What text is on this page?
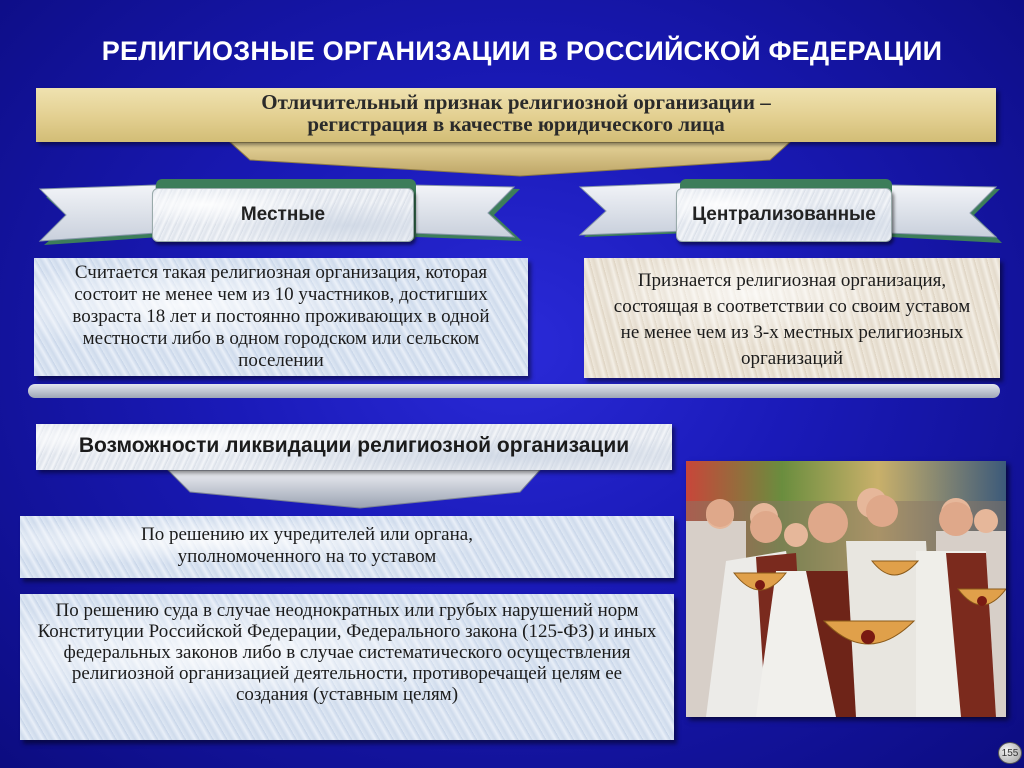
РЕЛИГИОЗНЫЕ ОРГАНИЗАЦИИ В РОССИЙСКОЙ ФЕДЕРАЦИИ
Отличительный признак религиозной организации –
регистрация в качестве юридического лица
Местные	Централизованные
Считается такая религиозная организация, которая состоит не менее чем из 10 участников, достигших возраста 18 лет и постоянно проживающих в одной местности либо в одном городском или сельском поселении
Признается религиозная организация, состоящая в соответствии со своим уставом не менее чем из 3-х местных религиозных организаций
Возможности ликвидации религиозной организации
По решению их учредителей или органа, уполномоченного на то уставом
По решению суда в случае неоднократных или грубых нарушений норм Конституции Российской Федерации, Федерального закона (125-ФЗ) и иных федеральных законов либо в случае систематического осуществления религиозной организацией деятельности, противоречащей целям ее создания (уставным целям)
155
